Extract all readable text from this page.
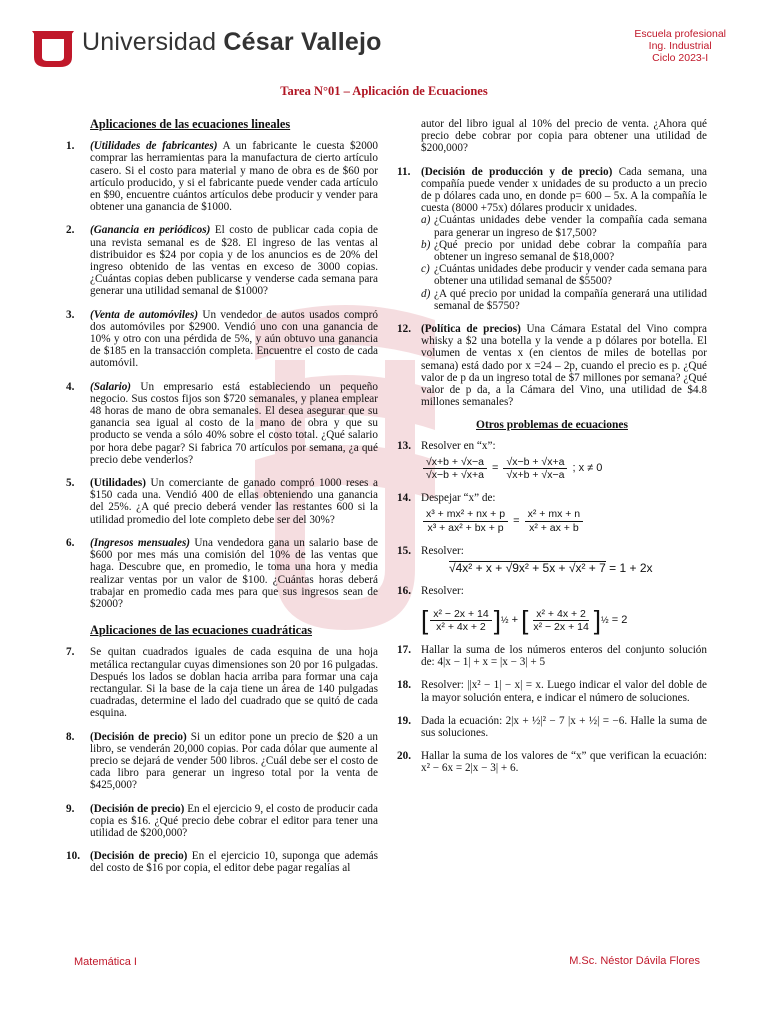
Universidad César Vallejo	Escuela profesional
Ing. Industrial
Ciclo 2023-I
Tarea N°01 – Aplicación de Ecuaciones
Aplicaciones de las ecuaciones lineales
1.	(Utilidades de fabricantes) A un fabricante le cuesta $2000 comprar las herramientas para la manufactura de cierto artículo casero. Si el costo para material y mano de obra es de $60 por artículo producido, y si el fabricante puede vender cada artículo en $90, encuentre cuántos artículos debe producir y vender para obtener una ganancia de $1000.
2.	(Ganancia en periódicos) El costo de publicar cada copia de una revista semanal es de $28. El ingreso de las ventas al distribuidor es $24 por copia y de los anuncios es de 20% del ingreso obtenido de las ventas en exceso de 3000 copias. ¿Cuántas copias deben publicarse y venderse cada semana para generar una utilidad semanal de $1000?
3.	(Venta de automóviles) Un vendedor de autos usados compró dos automóviles por $2900. Vendió uno con una ganancia de 10% y otro con una pérdida de 5%, y aún obtuvo una ganancia de $185 en la transacción completa. Encuentre el costo de cada automóvil.
4.	(Salario) Un empresario está estableciendo un pequeño negocio. Sus costos fijos son $720 semanales, y planea emplear 48 horas de mano de obra semanales. El desea asegurar que su ganancia sea igual al costo de la mano de obra y que su producto se venda a sólo 40% sobre el costo total. ¿Qué salario por hora debe pagar? Si fabrica 70 artículos por semana, ¿a qué precio debe venderlos?
5.	(Utilidades) Un comerciante de ganado compró 1000 reses a $150 cada una. Vendió 400 de ellas obteniendo una ganancia del 25%. ¿A qué precio deberá vender las restantes 600 si la utilidad promedio del lote completo debe ser del 30%?
6.	(Ingresos mensuales) Una vendedora gana un salario base de $600 por mes más una comisión del 10% de las ventas que haga. Descubre que, en promedio, le toma una hora y media realizar ventas por un valor de $100. ¿Cuántas horas deberá trabajar en promedio cada mes para que sus ingresos sean de $2000?
Aplicaciones de las ecuaciones cuadráticas
7.	Se quitan cuadrados iguales de cada esquina de una hoja metálica rectangular cuyas dimensiones son 20 por 16 pulgadas. Después los lados se doblan hacia arriba para formar una caja rectangular. Si la base de la caja tiene un área de 140 pulgadas cuadradas, determine el lado del cuadrado que se quitó de cada esquina.
8.	(Decisión de precio) Si un editor pone un precio de $20 a un libro, se venderán 20,000 copias. Por cada dólar que aumente al precio se dejará de vender 500 libros. ¿Cuál debe ser el costo de cada libro para generar un ingreso total por la venta de $425,000?
9.	(Decisión de precio) En el ejercicio 9, el costo de producir cada copia es $16. ¿Qué precio debe cobrar el editor para tener una utilidad de $200,000?
10. (Decisión de precio) En el ejercicio 10, suponga que además del costo de $16 por copia, el editor debe pagar regalías al
autor del libro igual al 10% del precio de venta. ¿Ahora qué precio debe cobrar por copia para obtener una utilidad de $200,000?
11. (Decisión de producción y de precio) Cada semana, una compañía puede vender x unidades de su producto a un precio de p dólares cada uno, en donde p= 600 – 5x. A la compañía le cuesta (8000 +75x) dólares producir x unidades.
a) ¿Cuántas unidades debe vender la compañía cada semana para generar un ingreso de $17,500?
b) ¿Qué precio por unidad debe cobrar la compañía para obtener un ingreso semanal de $18,000?
c) ¿Cuántas unidades debe producir y vender cada semana para obtener una utilidad semanal de $5500?
d) ¿A qué precio por unidad la compañía generará una utilidad semanal de $5750?
12. (Política de precios) Una Cámara Estatal del Vino compra whisky a $2 una botella y la vende a p dólares por botella. El volumen de ventas x (en cientos de miles de botellas por semana) está dado por x =24 – 2p, cuando el precio es p. ¿Qué valor de p da un ingreso total de $7 millones por semana? ¿Qué valor de p da, a la Cámara del Vino, una utilidad de $4.8 millones semanales?
Otros problemas de ecuaciones
13. Resolver en “x”:
$\frac{√x+b + √x-a}{√x-b + √x+a} = \frac{√x-b + √x+a}{√x+b + √x-a}$
; x ≠ 0
14. Despejar “x” de:
$\frac{\text{x³ + mx² + nx + p}}{\text{x³ + ax² + bx + p}} = \frac{\text{x² + mx + n}}{\text{x² + ax + b}}$
15. Resolver:
√4x² + x + √9x² + 5x + √x² + 7
= 1 + 2x
16. Resolver:
[ $\frac{\text{x² − 2x + 14}}{\text{x² + 4x + 2}}$ ] ½ + [ $\frac{\text{x² + 4x + 2}}{\text{x² − 2x + 14}}$ ] ½
= 2
17. Hallar la suma de los números enteros del conjunto solución de: 4|x − 1| + x = |x − 3| + 5
18. Resolver: ||x² − 1| − x| = x. Luego indicar el valor del doble de la mayor solución entera, e indicar el número de soluciones.
19. Dada la ecuación: 2|x + ½|² − 7 |x + ½| = −6. Halle la suma de sus soluciones.
20. Hallar la suma de los valores de “x” que verifican la ecuación: x² − 6x = 2|x − 3| + 6.
Matemática I	M.Sc. Néstor Dávila Flores
